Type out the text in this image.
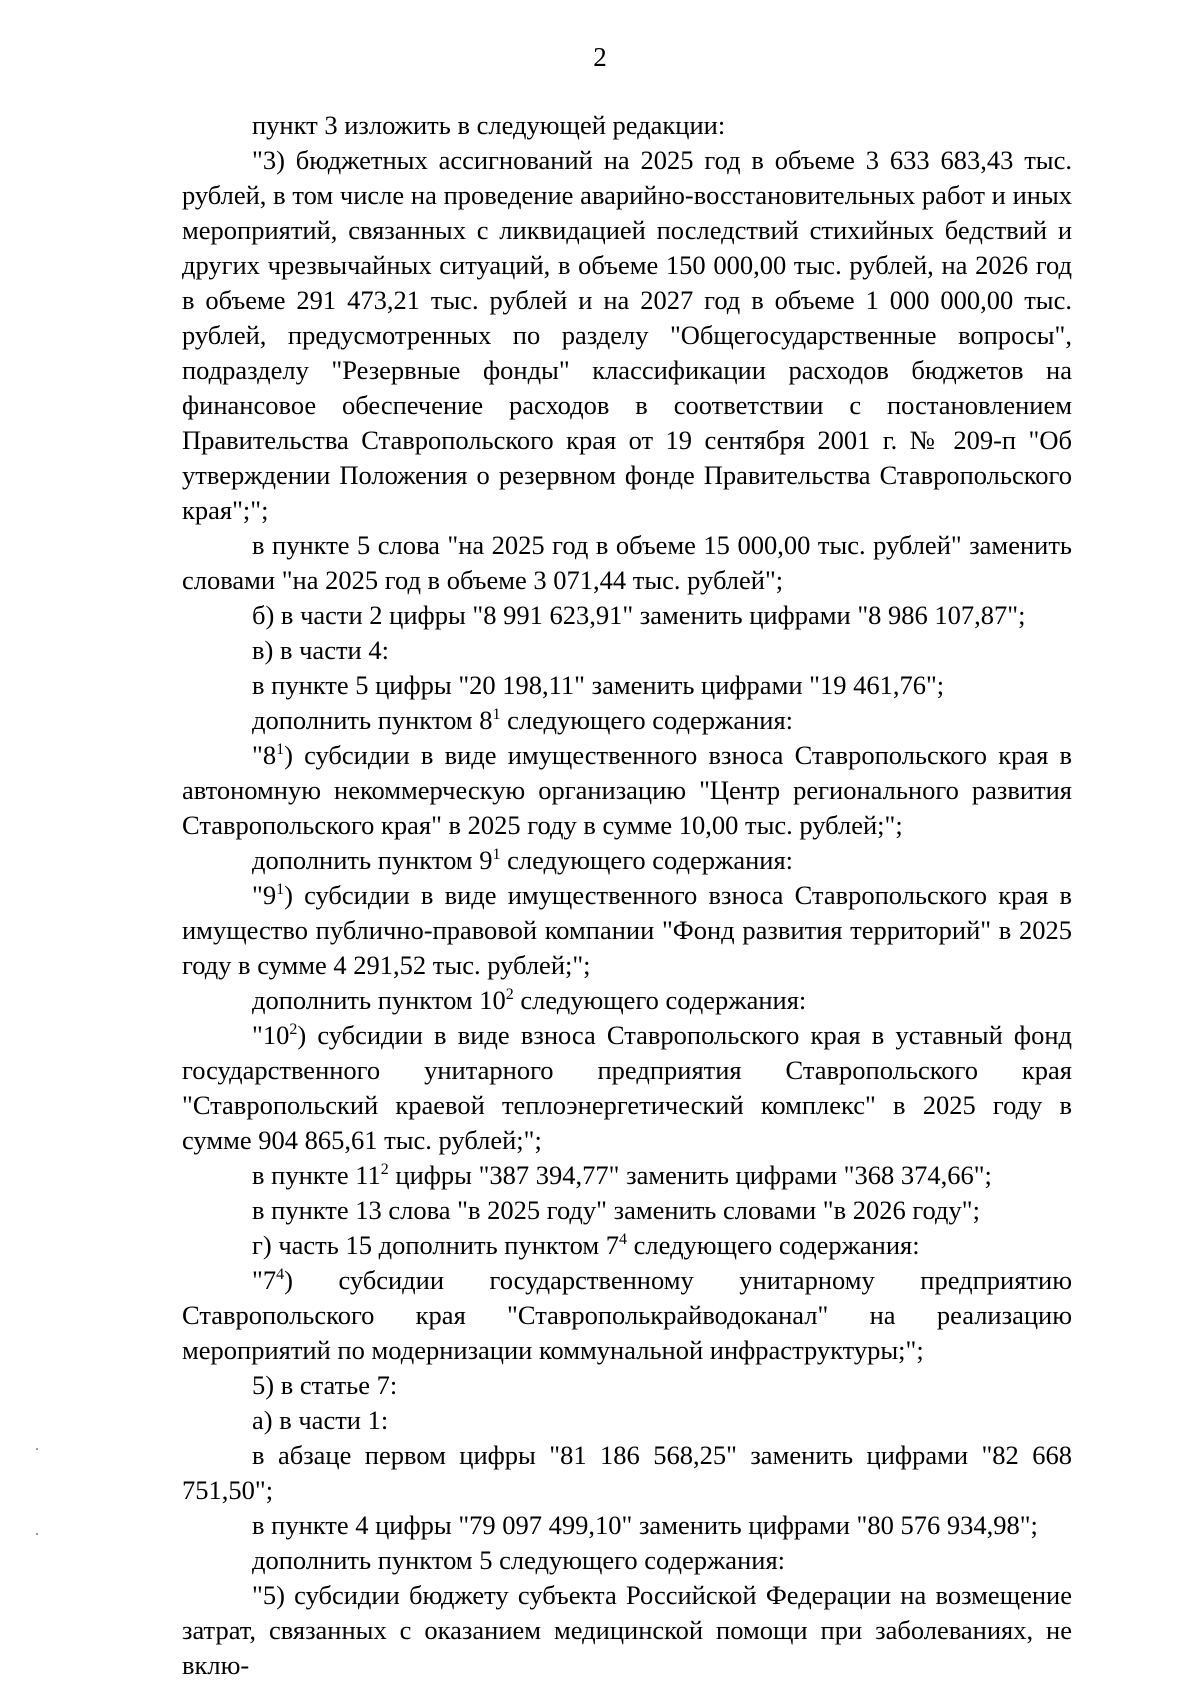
2

пункт 3 изложить в следующей редакции:

"3) бюджетных ассигнований на 2025 год в объеме 3 633 683,43 тыс. рублей, в том числе на проведение аварийно-восстановительных работ и иных мероприятий, связанных с ликвидацией последствий стихийных бедствий и других чрезвычайных ситуаций, в объеме 150 000,00 тыс. рублей, на 2026 год в объеме 291 473,21 тыс. рублей и на 2027 год в объеме 1 000 000,00 тыс. рублей, предусмотренных по разделу "Общегосударственные вопросы", подразделу "Резервные фонды" классификации расходов бюджетов на финансовое обеспечение расходов в соответствии с постановлением Правительства Ставропольского края от 19 сентября 2001 г. № 209-п "Об утверждении Положения о резервном фонде Правительства Ставропольского края";";

в пункте 5 слова "на 2025 год в объеме 15 000,00 тыс. рублей" заменить словами "на 2025 год в объеме 3 071,44 тыс. рублей";

б) в части 2 цифры "8 991 623,91" заменить цифрами "8 986 107,87";

в) в части 4:

в пункте 5 цифры "20 198,11" заменить цифрами "19 461,76";

дополнить пунктом $8^1$ следующего содержания:

"$8^1$) субсидии в виде имущественного взноса Ставропольского края в автономную некоммерческую организацию "Центр регионального развития Ставропольского края" в 2025 году в сумме 10,00 тыс. рублей;";

дополнить пунктом $9^1$ следующего содержания:

"$9^1$) субсидии в виде имущественного взноса Ставропольского края в имущество публично-правовой компании "Фонд развития территорий" в 2025 году в сумме 4 291,52 тыс. рублей;";

дополнить пунктом $10^2$ следующего содержания:

"$10^2$) субсидии в виде взноса Ставропольского края в уставный фонд государственного унитарного предприятия Ставропольского края "Ставропольский краевой теплоэнергетический комплекс" в 2025 году в сумме 904 865,61 тыс. рублей;";

в пункте $11^2$ цифры "387 394,77" заменить цифрами "368 374,66";

в пункте 13 слова "в 2025 году" заменить словами "в 2026 году";

г) часть 15 дополнить пунктом $7^4$ следующего содержания:

"$7^4$) субсидии государственному унитарному предприятию Ставропольского края "Ставрополькрайводоканал" на реализацию мероприятий по модернизации коммунальной инфраструктуры;";

5) в статье 7:

а) в части 1:

в абзаце первом цифры "81 186 568,25" заменить цифрами "82 668 751,50";

в пункте 4 цифры "79 097 499,10" заменить цифрами "80 576 934,98";

дополнить пунктом 5 следующего содержания:

"5) субсидии бюджету субъекта Российской Федерации на возмещение затрат, связанных с оказанием медицинской помощи при заболеваниях, не вклю-
